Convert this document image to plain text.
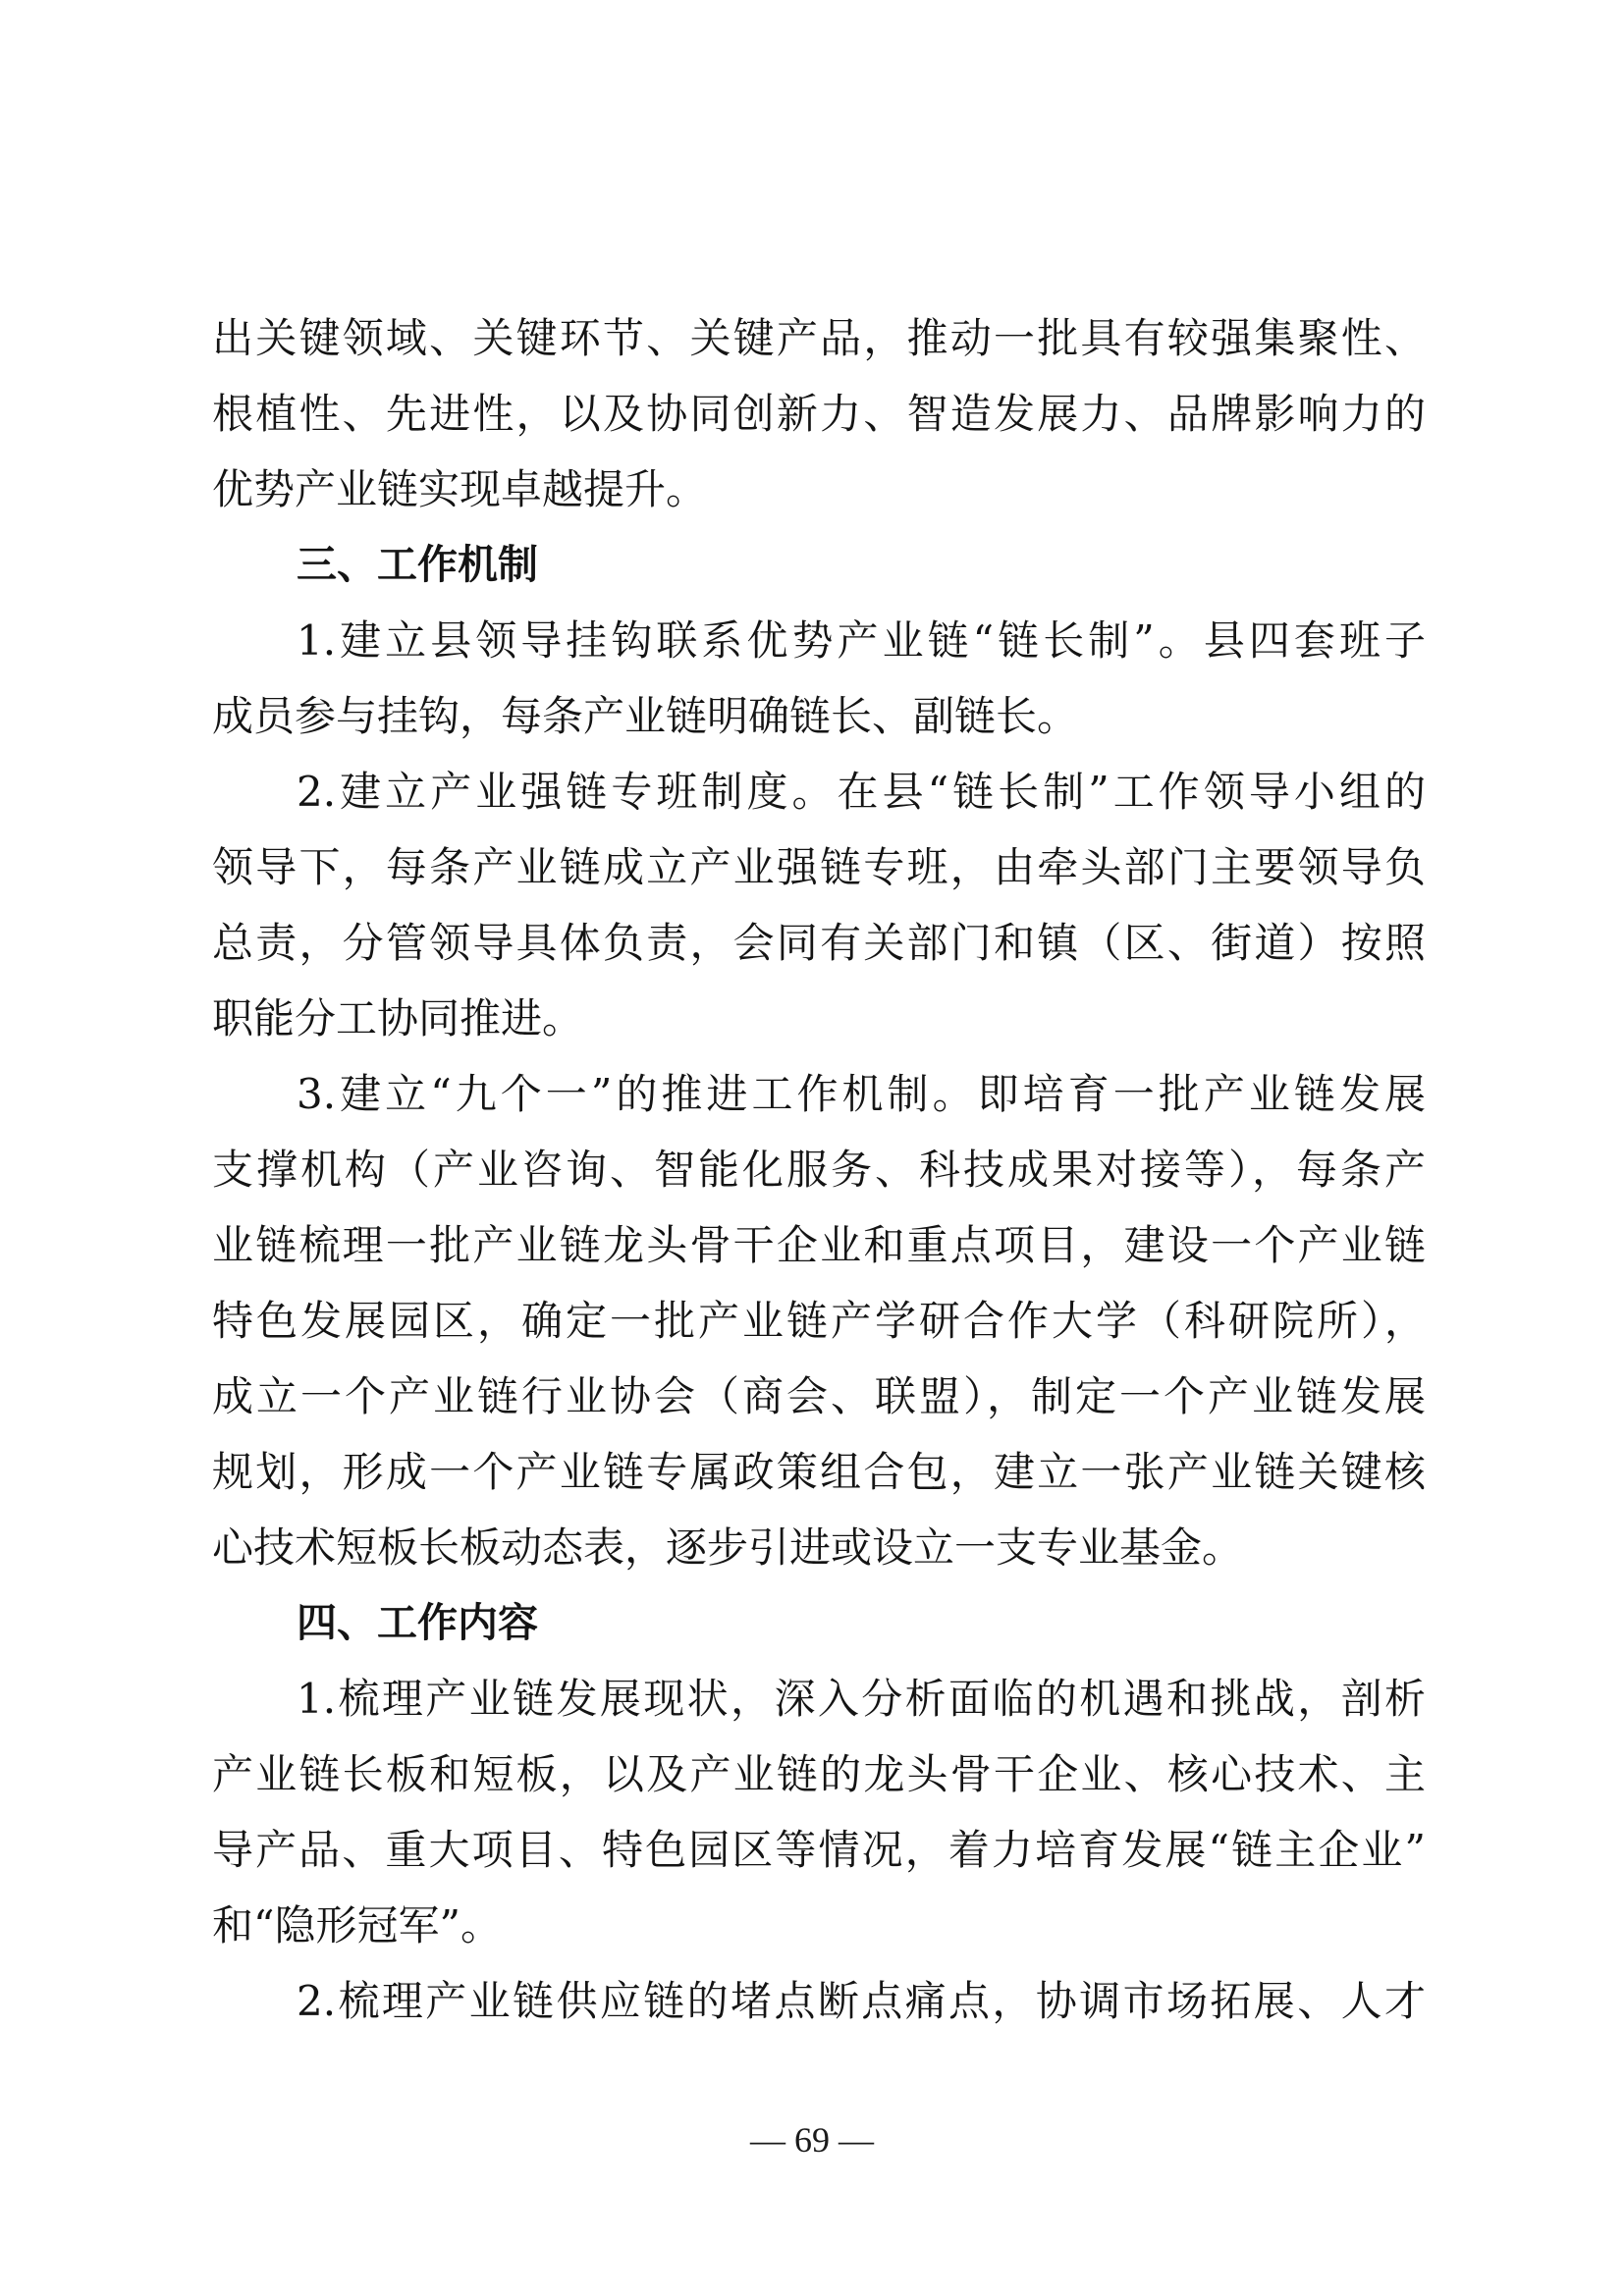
出关键领域、关键环节、关键产品，推动一批具有较强集聚性、
根植性、先进性，以及协同创新力、智造发展力、品牌影响力的
优势产业链实现卓越提升。
三、工作机制
1.建立县领导挂钩联系优势产业链“链长制”。县四套班子
成员参与挂钩，每条产业链明确链长、副链长。
2.建立产业强链专班制度。在县“链长制”工作领导小组的
领导下，每条产业链成立产业强链专班，由牵头部门主要领导负
总责，分管领导具体负责，会同有关部门和镇（区、街道）按照
职能分工协同推进。
3.建立“九个一”的推进工作机制。即培育一批产业链发展
支撑机构（产业咨询、智能化服务、科技成果对接等），每条产
业链梳理一批产业链龙头骨干企业和重点项目，建设一个产业链
特色发展园区，确定一批产业链产学研合作大学（科研院所），
成立一个产业链行业协会（商会、联盟），制定一个产业链发展
规划，形成一个产业链专属政策组合包，建立一张产业链关键核
心技术短板长板动态表，逐步引进或设立一支专业基金。
四、工作内容
1.梳理产业链发展现状，深入分析面临的机遇和挑战，剖析
产业链长板和短板，以及产业链的龙头骨干企业、核心技术、主
导产品、重大项目、特色园区等情况，着力培育发展“链主企业”
和“隐形冠军”。
2.梳理产业链供应链的堵点断点痛点，协调市场拓展、人才
— 69 —
